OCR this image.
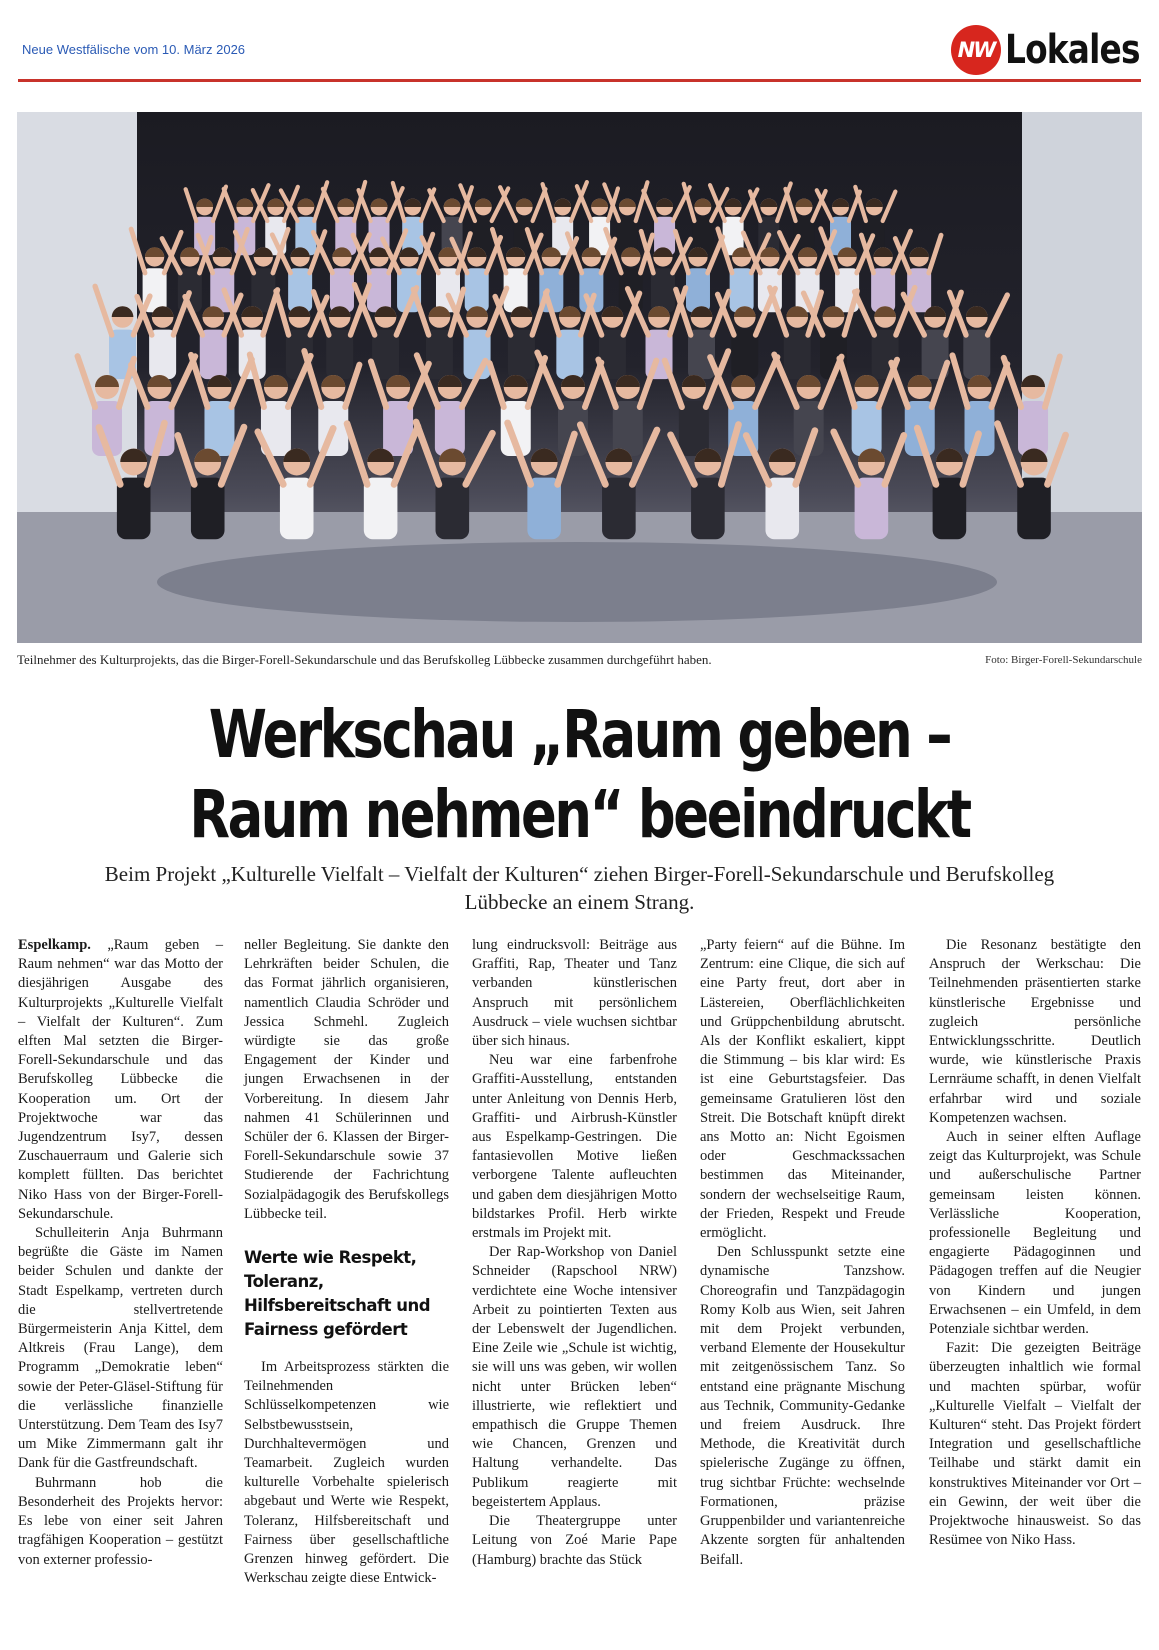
Neue Westfälische vom 10. März 2026	NW Lokales
Teilnehmer des Kulturprojekts, das die Birger-Forell-Sekundarschule und das Berufskolleg Lübbecke zusammen durchgeführt haben.	Foto: Birger-Forell-Sekundarschule
Werkschau „Raum geben –
Raum nehmen“ beeindruckt
Beim Projekt „Kulturelle Vielfalt – Vielfalt der Kulturen“ ziehen Birger-Forell-Sekundarschule und Berufskolleg Lübbecke an einem Strang.

Espelkamp. „Raum geben – Raum nehmen“ war das Motto der diesjährigen Ausgabe des Kulturprojekts „Kulturelle Vielfalt – Vielfalt der Kulturen“. Zum elften Mal setzten die Birger-Forell-Sekundarschule und das Berufskolleg Lübbecke die Kooperation um. Ort der Projektwoche war das Jugendzentrum Isy7, dessen Zuschauerraum und Galerie sich komplett füllten. Das berichtet Niko Hass von der Birger-Forell-Sekundarschule.

Schulleiterin Anja Buhrmann begrüßte die Gäste im Namen beider Schulen und dankte der Stadt Espelkamp, vertreten durch die stellvertretende Bürgermeisterin Anja Kittel, dem Altkreis (Frau Lange), dem Programm „Demokratie leben“ sowie der Peter-Gläsel-Stiftung für die verlässliche finanzielle Unterstützung. Dem Team des Isy7 um Mike Zimmermann galt ihr Dank für die Gastfreundschaft.

Buhrmann hob die Besonderheit des Projekts hervor: Es lebe von einer seit Jahren tragfähigen Kooperation – gestützt von externer professio-

neller Begleitung. Sie dankte den Lehrkräften beider Schulen, die das Format jährlich organisieren, namentlich Claudia Schröder und Jessica Schmehl. Zugleich würdigte sie das große Engagement der Kinder und jungen Erwachsenen in der Vorbereitung. In diesem Jahr nahmen 41 Schülerinnen und Schüler der 6. Klassen der Birger-Forell-Sekundarschule sowie 37 Studierende der Fachrichtung Sozialpädagogik des Berufskollegs Lübbecke teil.

Werte wie Respekt, Toleranz, Hilfsbereitschaft und Fairness gefördert

Im Arbeitsprozess stärkten die Teilnehmenden Schlüsselkompetenzen wie Selbstbewusstsein, Durchhaltevermögen und Teamarbeit. Zugleich wurden kulturelle Vorbehalte spielerisch abgebaut und Werte wie Respekt, Toleranz, Hilfsbereitschaft und Fairness über gesellschaftliche Grenzen hinweg gefördert. Die Werkschau zeigte diese Entwick-

lung eindrucksvoll: Beiträge aus Graffiti, Rap, Theater und Tanz verbanden künstlerischen Anspruch mit persönlichem Ausdruck – viele wuchsen sichtbar über sich hinaus.

Neu war eine farbenfrohe Graffiti-Ausstellung, entstanden unter Anleitung von Dennis Herb, Graffiti- und Airbrush-Künstler aus Espelkamp-Gestringen. Die fantasievollen Motive ließen verborgene Talente aufleuchten und gaben dem diesjährigen Motto bildstarkes Profil. Herb wirkte erstmals im Projekt mit.

Der Rap-Workshop von Daniel Schneider (Rapschool NRW) verdichtete eine Woche intensiver Arbeit zu pointierten Texten aus der Lebenswelt der Jugendlichen. Eine Zeile wie „Schule ist wichtig, sie will uns was geben, wir wollen nicht unter Brücken leben“ illustrierte, wie reflektiert und empathisch die Gruppe Themen wie Chancen, Grenzen und Haltung verhandelte. Das Publikum reagierte mit begeistertem Applaus.

Die Theatergruppe unter Leitung von Zoé Marie Pape (Hamburg) brachte das Stück

„Party feiern“ auf die Bühne. Im Zentrum: eine Clique, die sich auf eine Party freut, dort aber in Lästereien, Oberflächlichkeiten und Grüppchenbildung abrutscht. Als der Konflikt eskaliert, kippt die Stimmung – bis klar wird: Es ist eine Geburtstagsfeier. Das gemeinsame Gratulieren löst den Streit. Die Botschaft knüpft direkt ans Motto an: Nicht Egoismen oder Geschmackssachen bestimmen das Miteinander, sondern der wechselseitige Raum, der Frieden, Respekt und Freude ermöglicht.

Den Schlusspunkt setzte eine dynamische Tanzshow. Choreografin und Tanzpädagogin Romy Kolb aus Wien, seit Jahren mit dem Projekt verbunden, verband Elemente der Housekultur mit zeitgenössischem Tanz. So entstand eine prägnante Mischung aus Technik, Community-Gedanke und freiem Ausdruck. Ihre Methode, die Kreativität durch spielerische Zugänge zu öffnen, trug sichtbar Früchte: wechselnde Formationen, präzise Gruppenbilder und variantenreiche Akzente sorgten für anhaltenden Beifall.

Die Resonanz bestätigte den Anspruch der Werkschau: Die Teilnehmenden präsentierten starke künstlerische Ergebnisse und zugleich persönliche Entwicklungsschritte. Deutlich wurde, wie künstlerische Praxis Lernräume schafft, in denen Vielfalt erfahrbar wird und soziale Kompetenzen wachsen.

Auch in seiner elften Auflage zeigt das Kulturprojekt, was Schule und außerschulische Partner gemeinsam leisten können. Verlässliche Kooperation, professionelle Begleitung und engagierte Pädagoginnen und Pädagogen treffen auf die Neugier von Kindern und jungen Erwachsenen – ein Umfeld, in dem Potenziale sichtbar werden.

Fazit: Die gezeigten Beiträge überzeugten inhaltlich wie formal und machten spürbar, wofür „Kulturelle Vielfalt – Vielfalt der Kulturen“ steht. Das Projekt fördert Integration und gesellschaftliche Teilhabe und stärkt damit ein konstruktives Miteinander vor Ort – ein Gewinn, der weit über die Projektwoche hinausweist. So das Resümee von Niko Hass.
